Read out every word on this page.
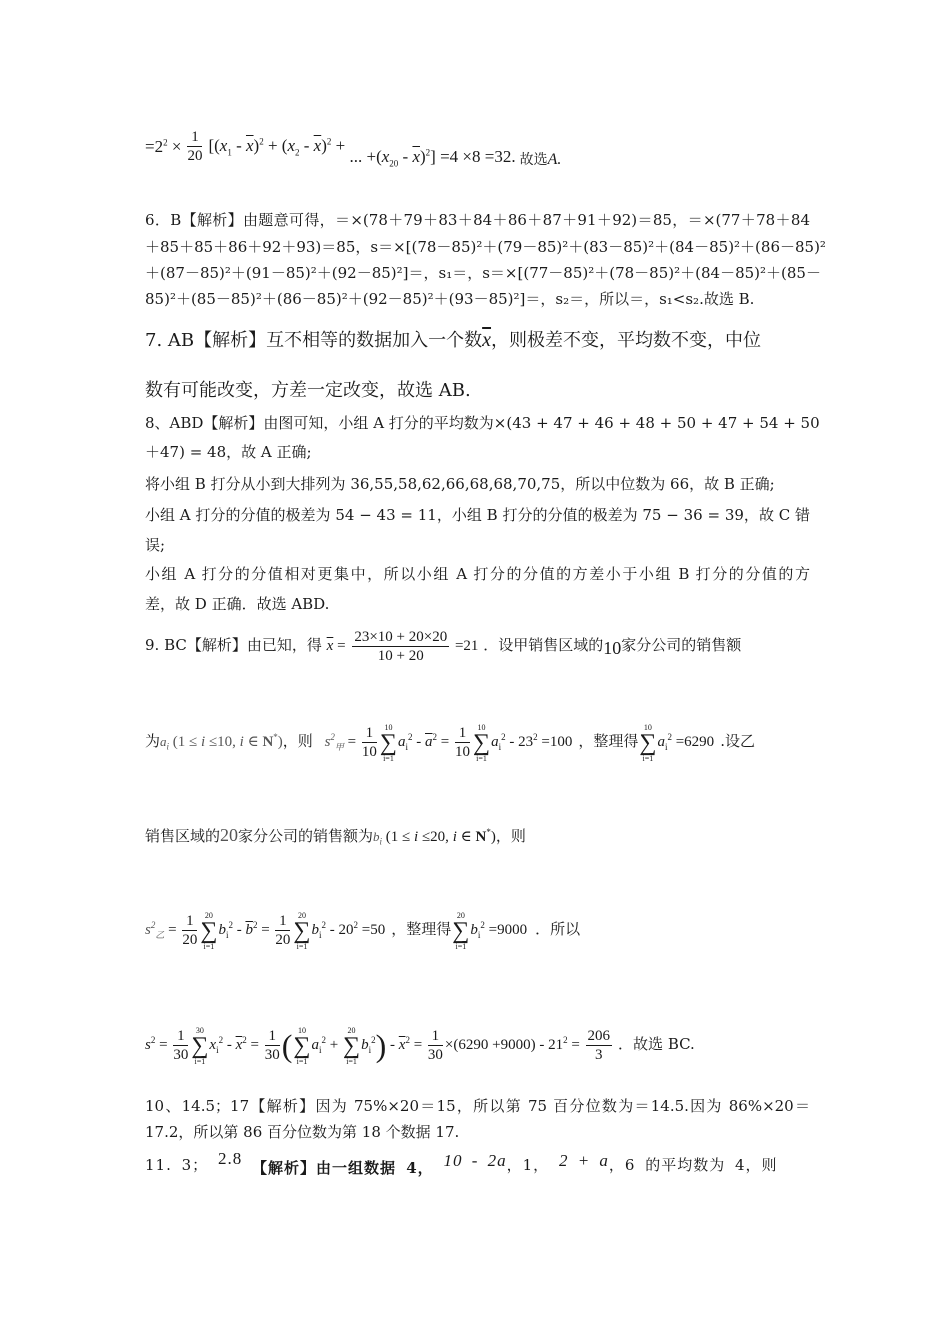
$=2^2 \times \frac{1}{20} [(x_1 - \overline{x})^2 + (x_2 - \overline{x})^2$ + ... $+(x_{20} - \overline{x})^2] =4 \times 8 =32$. 故选A.
6．B【解析】由题意可得，＝×(78＋79＋83＋84＋86＋87＋91＋92)＝85，＝×(77＋78＋84
＋85＋85＋86＋92＋93)＝85，s＝×[(78－85)²＋(79－85)²＋(83－85)²＋(84－85)²＋(86－85)²
＋(87－85)²＋(91－85)²＋(92－85)²]＝，s₁＝，s＝×[(77－85)²＋(78－85)²＋(84－85)²＋(85－
85)²＋(85－85)²＋(86－85)²＋(92－85)²＋(93－85)²]＝，s₂＝，所以＝，s₁<s₂.故选 B.
7. AB【解析】互不相等的数据加入一个数$\overline{x}$，则极差不变，平均数不变，中位
数有可能改变，方差一定改变，故选 AB.
8、ABD【解析】由图可知，小组 A 打分的平均数为×(43 + 47 + 46 + 48 + 50 + 47 + 54 + 50
＋47) = 48，故 A 正确;
将小组 B 打分从小到大排列为 36,55,58,62,66,68,68,70,75，所以中位数为 66，故 B 正确;
小组 A 打分的分值的极差为 54 − 43 = 11，小组 B 打分的分值的极差为 75 − 36 = 39，故 C 错
误;
小组 A 打分的分值相对更集中，所以小组 A 打分的分值的方差小于小组 B 打分的分值的方
差，故 D 正确．故选 ABD.
9. BC【解析】由已知，得 $\overline{x} = \frac{23\times 10 + 20\times 20}{10 + 20} =21$ ．设甲销售区域的10家分公司的销售额
为$a_i$ (1 ≤ i ≤10, i ∈ N*)，则 $s^2_甲 = \frac{1}{10} 10$
∑
i=1
$a_i^2 - \overline{a}^2 = \frac{1}{10} 10$
∑
i=1
$a_i^2 - 23^2 =100$ ，整理得
10
∑
i=1
$a_i^2 =6290$ .设乙
销售区域的20家分公司的销售额为$b_i$ (1 ≤ i ≤20, i ∈ N*)，则
$s^2_乙 = \frac{1}{20} 20$
∑
i=1
$b_i^2 - \overline{b}^2 = \frac{1}{20} 20$
∑
i=1
$b_i^2 - 20^2 =50$ ，整理得
20
∑
i=1
$b_i^2 =9000$ ．所以
$s^2 = \frac{1}{30} 30$
∑
i=1
$x_i^2 - \overline{x}^2 = \frac{1}{30}$ ( 10
∑
i=1
$a_i^2$ +
20
∑
i=1
$b_i^2) - \overline{x}^2 = \frac{1}{30} \times(6290 +9000) - 21^2 = \frac{206}{3}$ ．故选 BC.
10、14.5；17【解析】因为 75%×20＝15，所以第 75 百分位数为＝14.5.因为 86%×20＝
17.2，所以第 86 百分位数为第 18 个数据 17.
11. 3； 2.8 【解析】由一组数据 4， 10 - 2a，1， 2 + a，6 的平均数为 4，则
